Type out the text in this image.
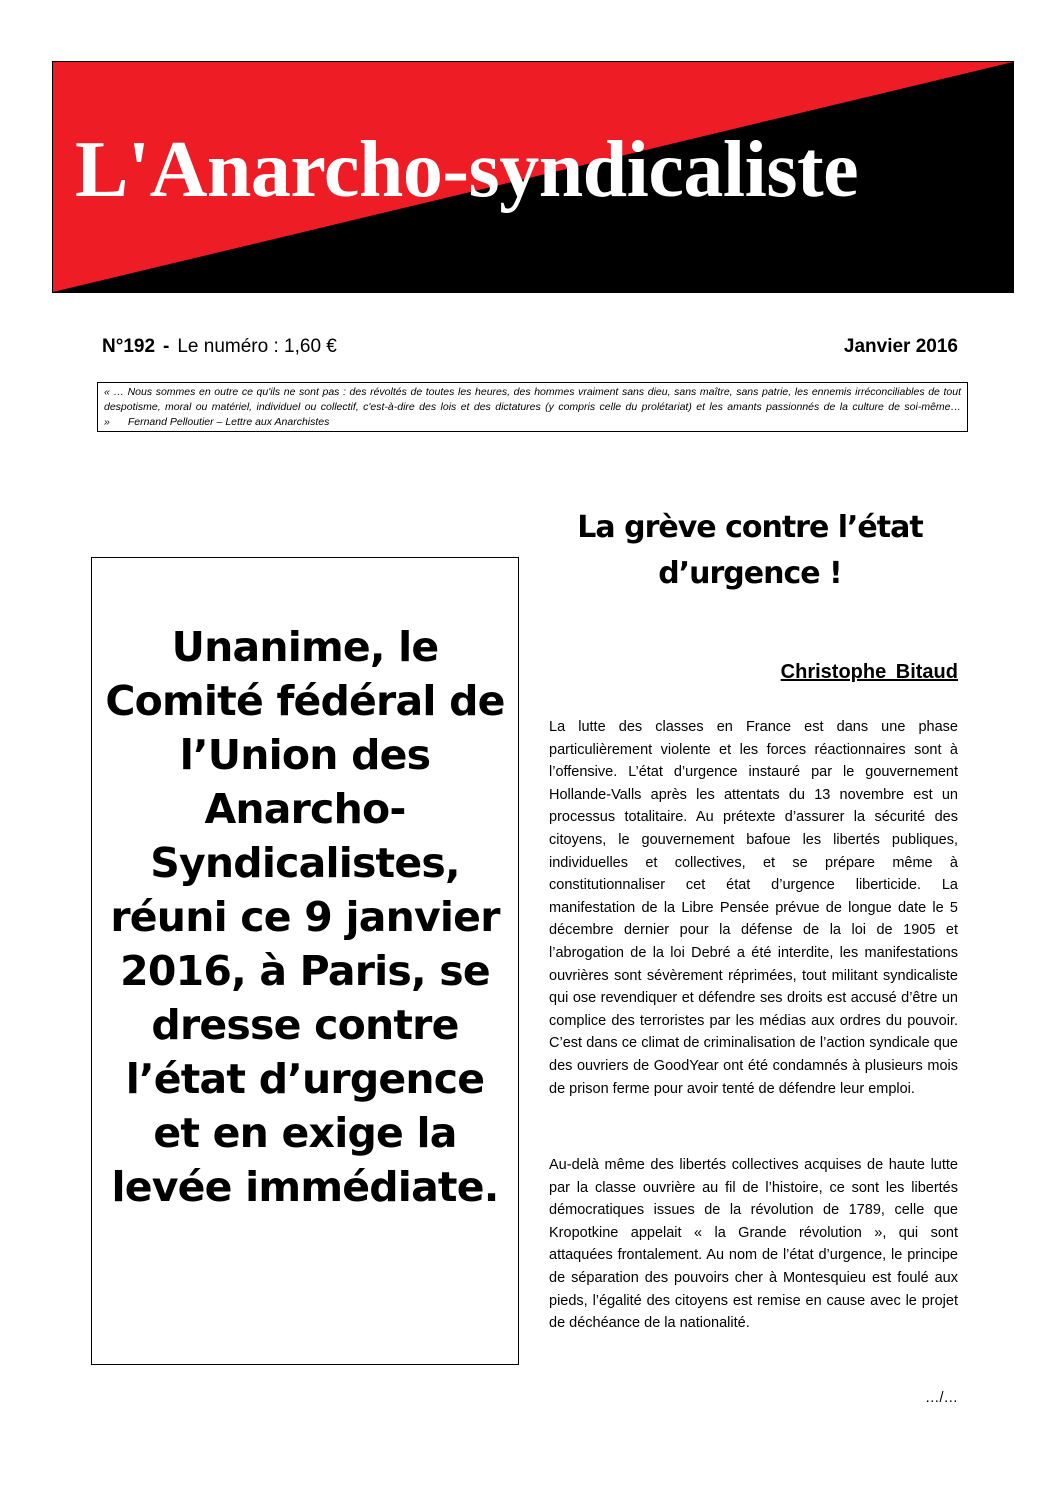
L'Anarcho-syndicaliste
N°192 - Le numéro : 1,60 €	Janvier 2016
« … Nous sommes en outre ce qu'ils ne sont pas : des révoltés de toutes les heures, des hommes vraiment sans dieu, sans maître, sans patrie, les ennemis irréconciliables de tout despotisme, moral ou matériel, individuel ou collectif, c'est-à-dire des lois et des dictatures (y compris celle du prolétariat) et les amants passionnés de la culture de soi-même… » Fernand Pelloutier – Lettre aux Anarchistes
Unanime, le Comité fédéral de l’Union des Anarcho-Syndicalistes, réuni ce 9 janvier 2016, à Paris, se dresse contre l’état d’urgence et en exige la levée immédiate.
La grève contre l’état d’urgence !
Christophe Bitaud

La lutte des classes en France est dans une phase particulièrement violente et les forces réactionnaires sont à l’offensive. L’état d’urgence instauré par le gouvernement Hollande-Valls après les attentats du 13 novembre est un processus totalitaire. Au prétexte d’assurer la sécurité des citoyens, le gouvernement bafoue les libertés publiques, individuelles et collectives, et se prépare même à constitutionnaliser cet état d’urgence liberticide. La manifestation de la Libre Pensée prévue de longue date le 5 décembre dernier pour la défense de la loi de 1905 et l’abrogation de la loi Debré a été interdite, les manifestations ouvrières sont sévèrement réprimées, tout militant syndicaliste qui ose revendiquer et défendre ses droits est accusé d’être un complice des terroristes par les médias aux ordres du pouvoir. C’est dans ce climat de criminalisation de l’action syndicale que des ouvriers de GoodYear ont été condamnés à plusieurs mois de prison ferme pour avoir tenté de défendre leur emploi.

Au-delà même des libertés collectives acquises de haute lutte par la classe ouvrière au fil de l’histoire, ce sont les libertés démocratiques issues de la révolution de 1789, celle que Kropotkine appelait « la Grande révolution », qui sont attaquées frontalement. Au nom de l’état d’urgence, le principe de séparation des pouvoirs cher à Montesquieu est foulé aux pieds, l’égalité des citoyens est remise en cause avec le projet de déchéance de la nationalité.

…/…
